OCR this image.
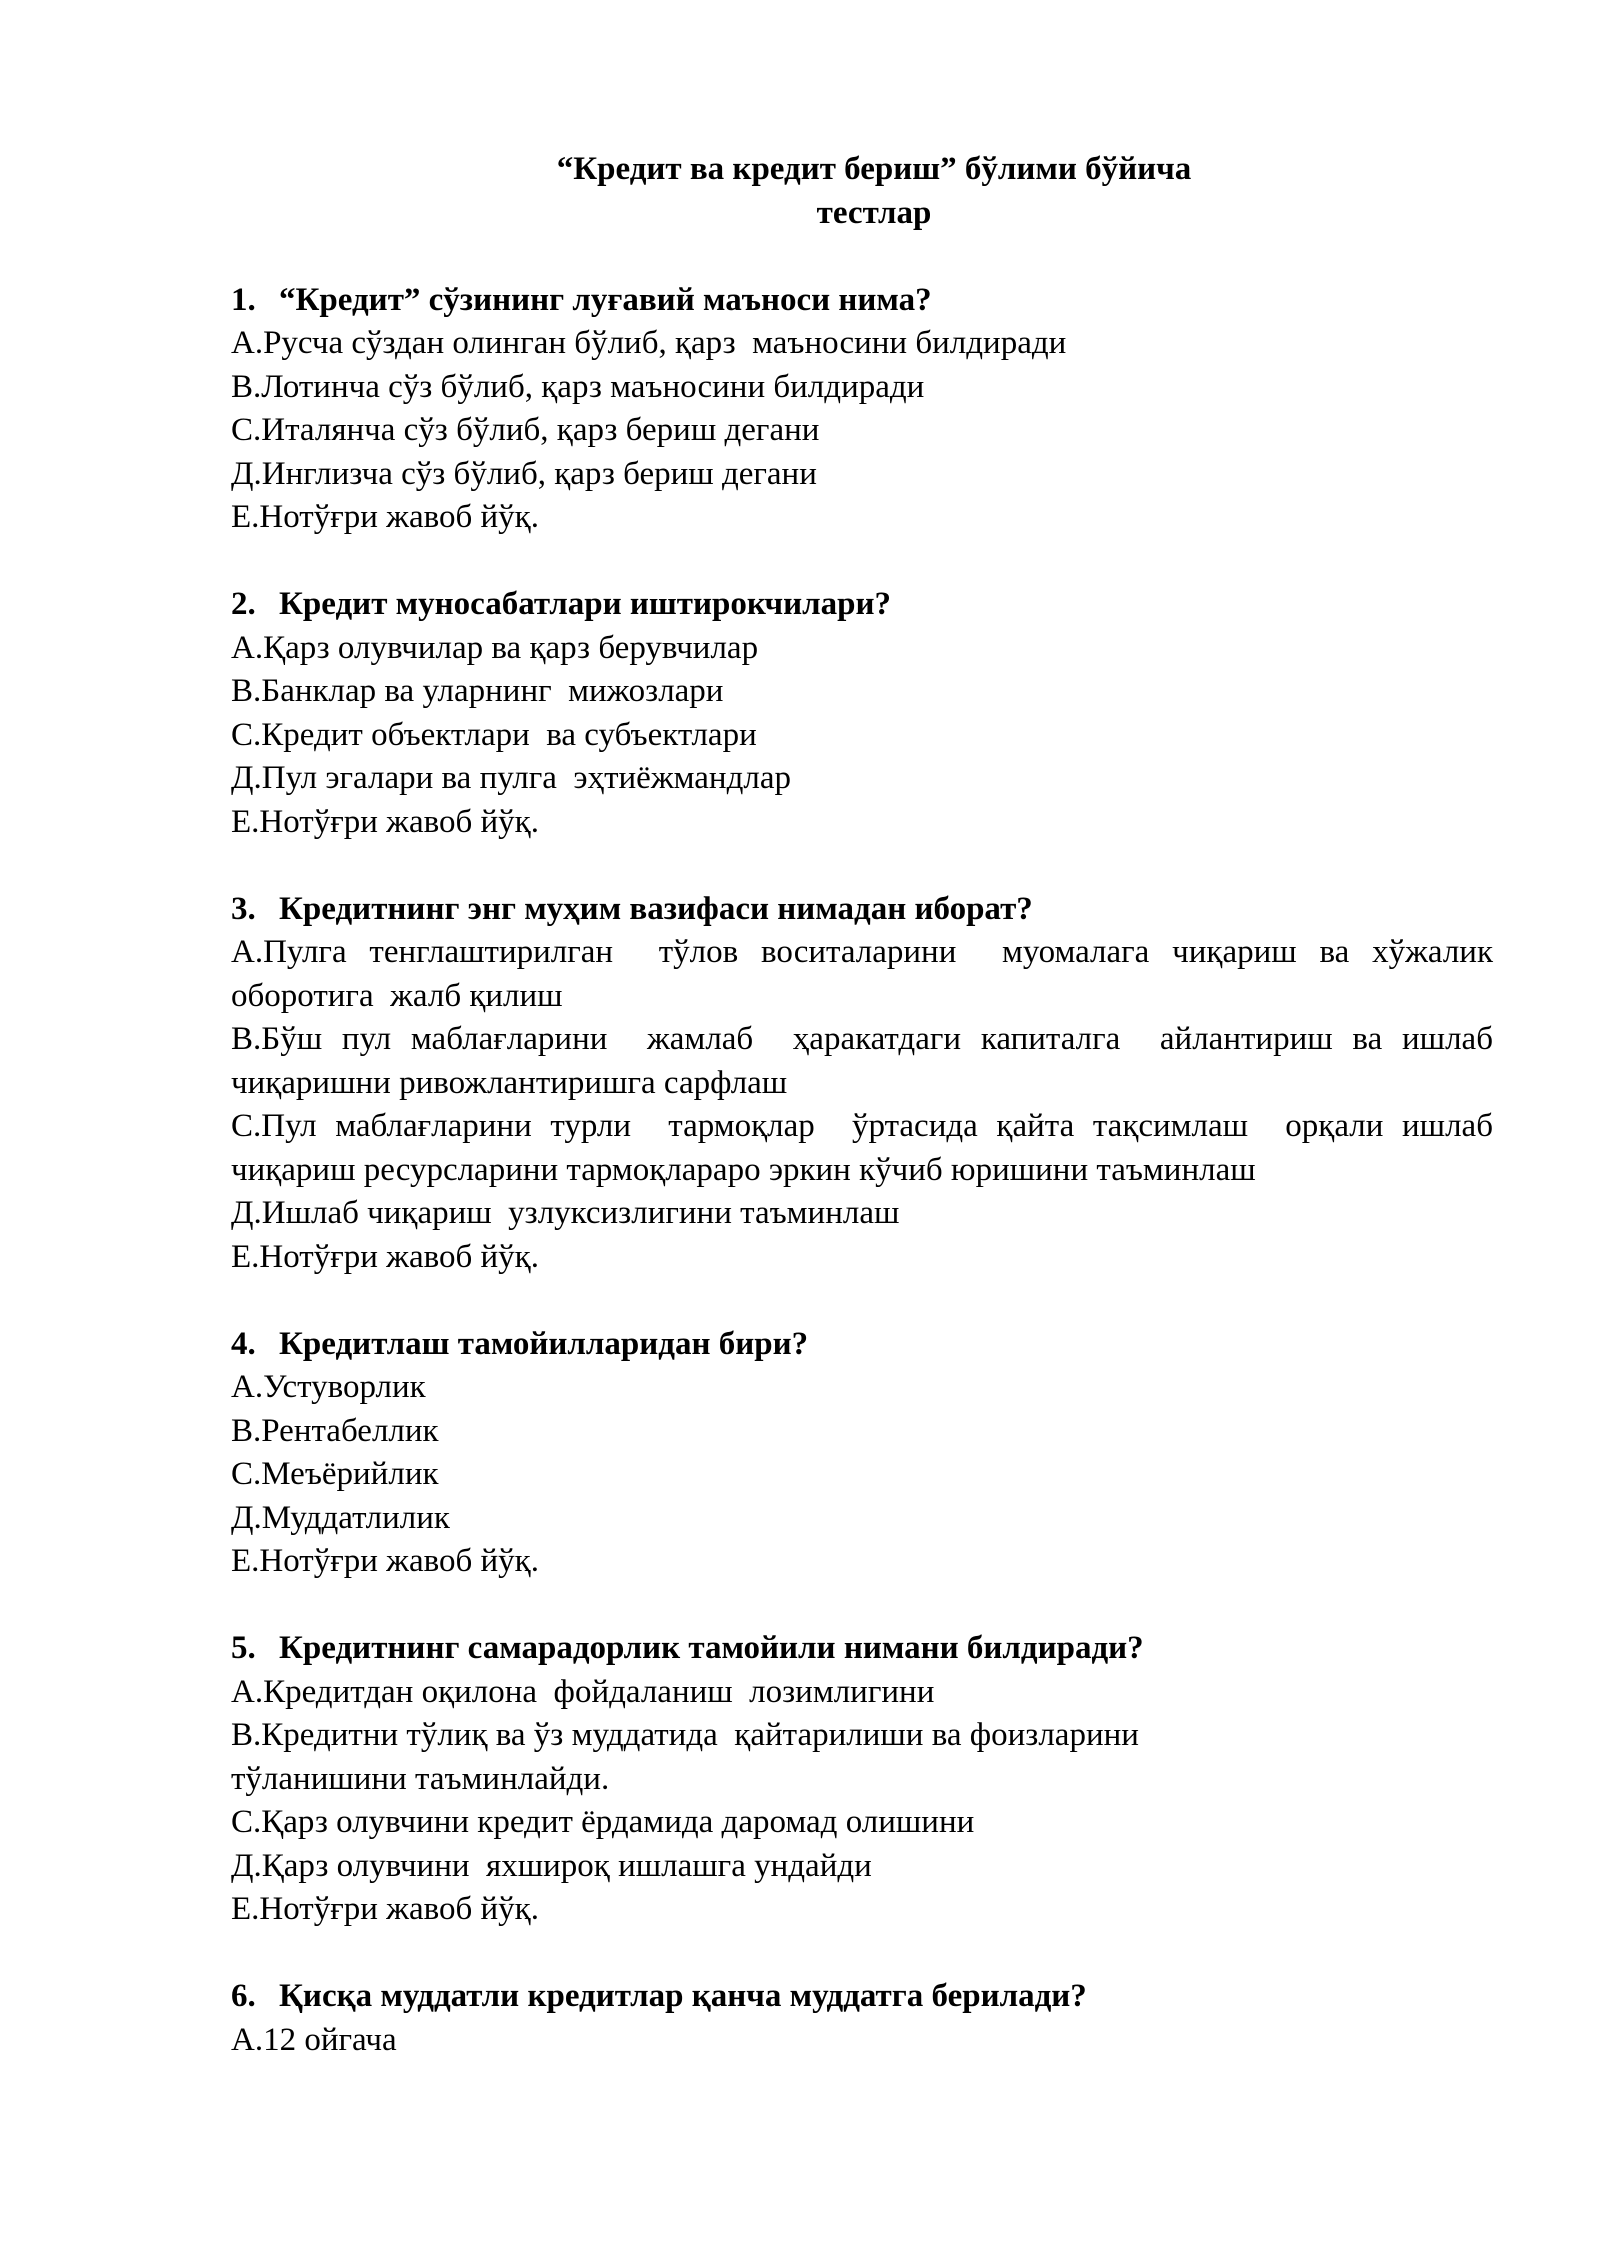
“Кредит ва кредит бериш” бўлими бўйича
тестлар
1. “Кредит” сўзининг луғавий маъноси нима?
A.Русча сўздан олинган бўлиб, қарз  маъносини билдиради
B.Лотинча сўз бўлиб, қарз маъносини билдиради
C.Италянча сўз бўлиб, қарз бериш дегани
Д.Инглизча сўз бўлиб, қарз бериш дегани
E.Нотўғри жавоб йўқ.
2. Кредит муносабатлари иштирокчилари?
A.Қарз олувчилар ва қарз берувчилар
B.Банклар ва уларнинг  мижозлари
C.Кредит объектлари  ва субъектлари
Д.Пул эгалари ва пулга  эҳтиёжмандлар
E.Нотўғри жавоб йўқ.
3. Кредитнинг энг муҳим вазифаси нимадан иборат?
A.Пулга тенглаштирилган  тўлов воситаларини  муомалага чиқариш ва хўжалик оборотига  жалб қилиш
B.Бўш пул маблағларини  жамлаб  ҳаракатдаги капиталга  айлантириш ва ишлаб чиқаришни ривожлантиришга сарфлаш
C.Пул маблағларини турли  тармоқлар  ўртасида қайта тақсимлаш  орқали ишлаб чиқариш ресурсларини тармоқлараро эркин кўчиб юришини таъминлаш
Д.Ишлаб чиқариш  узлуксизлигини таъминлаш
E.Нотўғри жавоб йўқ.
4. Кредитлаш тамойилларидан бири?
A.Устуворлик
B.Рентабеллик
C.Меъёрийлик
Д.Муддатлилик
E.Нотўғри жавоб йўқ.
5. Кредитнинг самарадорлик тамойили нимани билдиради?
A.Кредитдан оқилона  фойдаланиш  лозимлигини
B.Кредитни тўлиқ ва ўз муддатида  қайтарилиши ва фоизларини
тўланишини таъминлайди.
C.Қарз олувчини кредит ёрдамида даромад олишини
Д.Қарз олувчини  яхшироқ ишлашга ундайди
E.Нотўғри жавоб йўқ.
6. Қисқа муддатли кредитлар қанча муддатга берилади?
A.12 ойгача
